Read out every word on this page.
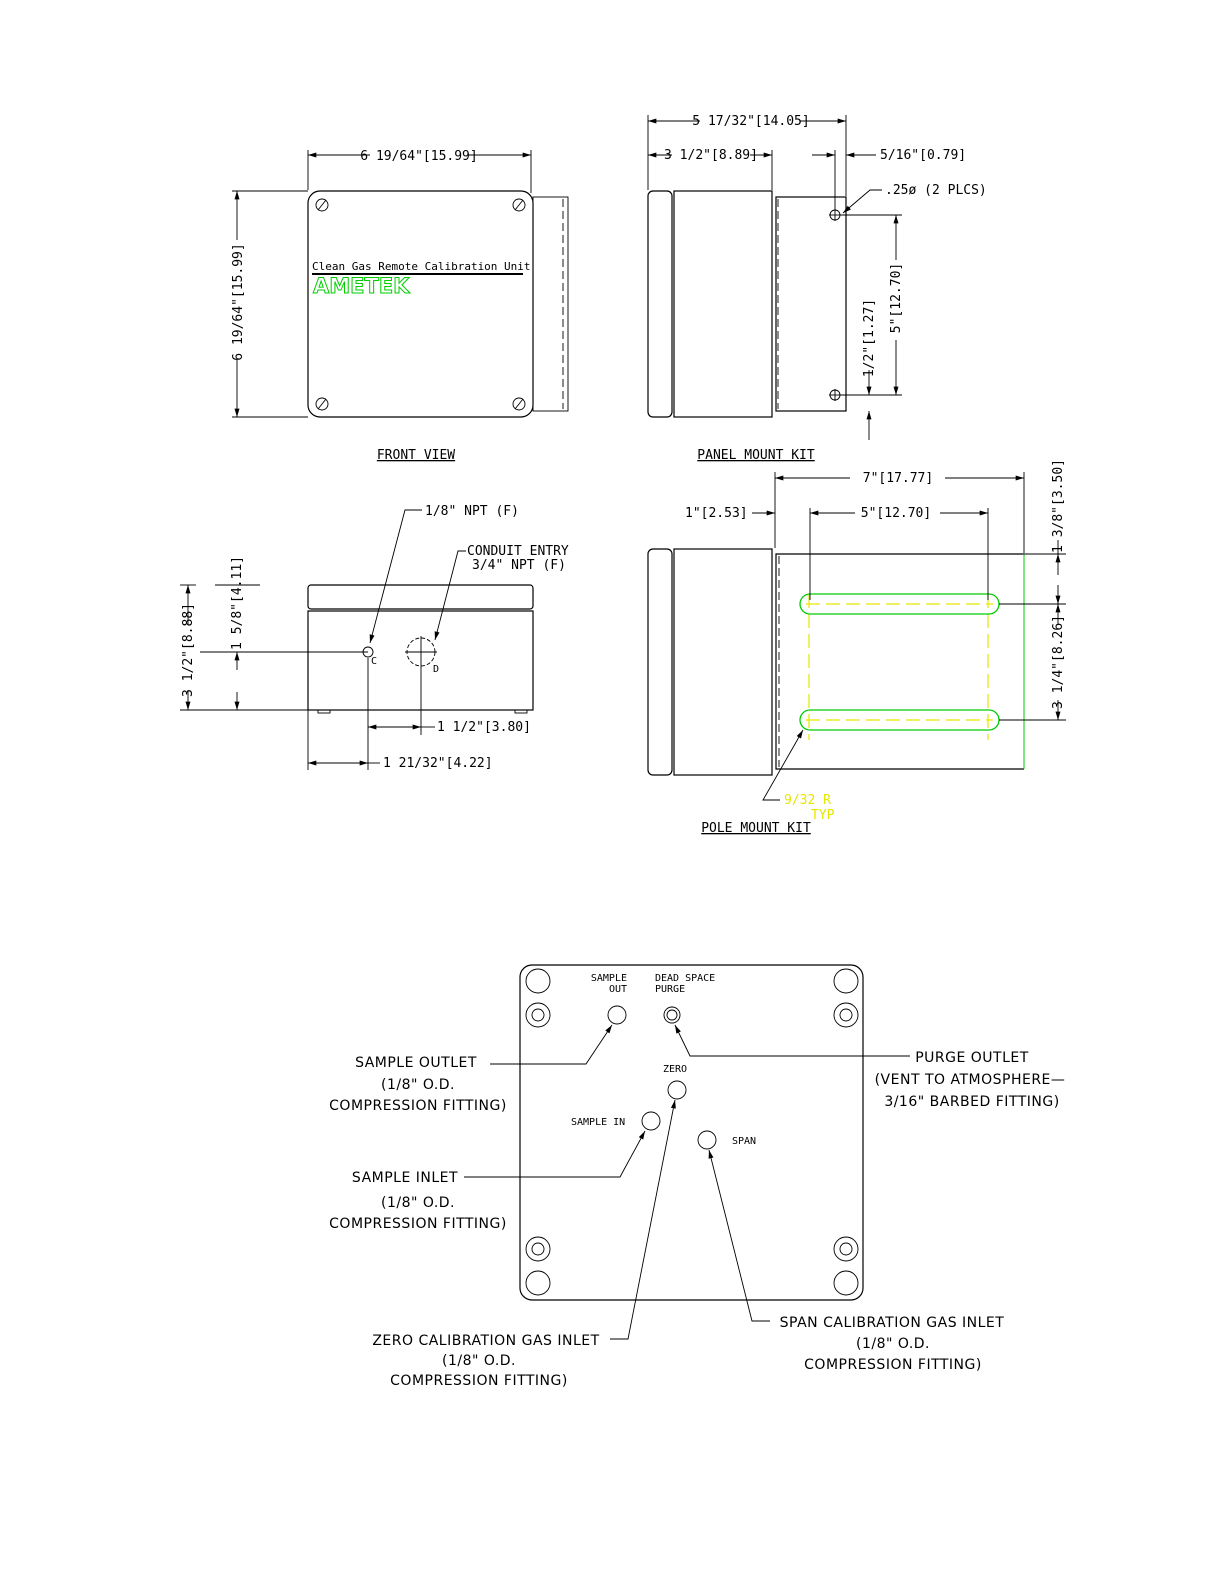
Clean Gas Remote Calibration Unit
AMETEK
6 19/64"[15.99]
6 19/64"[15.99]
FRONT VIEW
5 17/32"[14.05]
3 1/2"[8.89]	5/16"[0.79]
.25ø (2 PLCS)
5"[12.70]
1/2"[1.27]
PANEL MOUNT KIT
C
D
1/8" NPT (F)
CONDUIT ENTRY
3/4" NPT (F)
3 1/2"[8.88]
1 5/8"[4.11]
1 1/2"[3.80]
1 21/32"[4.22]
7"[17.77]
5"[12.70]
1"[2.53]	1 3/8"[3.50]
3 1/4"[8.26]
9/32 R
TYP
POLE MOUNT KIT
SAMPLE
OUT
DEAD SPACE
PURGE
ZERO
SAMPLE IN
SPAN
SAMPLE OUTLET
(1/8" O.D.
COMPRESSION FITTING)
PURGE OUTLET
(VENT TO ATMOSPHERE—
3/16" BARBED FITTING)
SAMPLE INLET
(1/8" O.D.
COMPRESSION FITTING)
ZERO CALIBRATION GAS INLET
(1/8" O.D.
COMPRESSION FITTING)
SPAN CALIBRATION GAS INLET
(1/8" O.D.
COMPRESSION FITTING)
